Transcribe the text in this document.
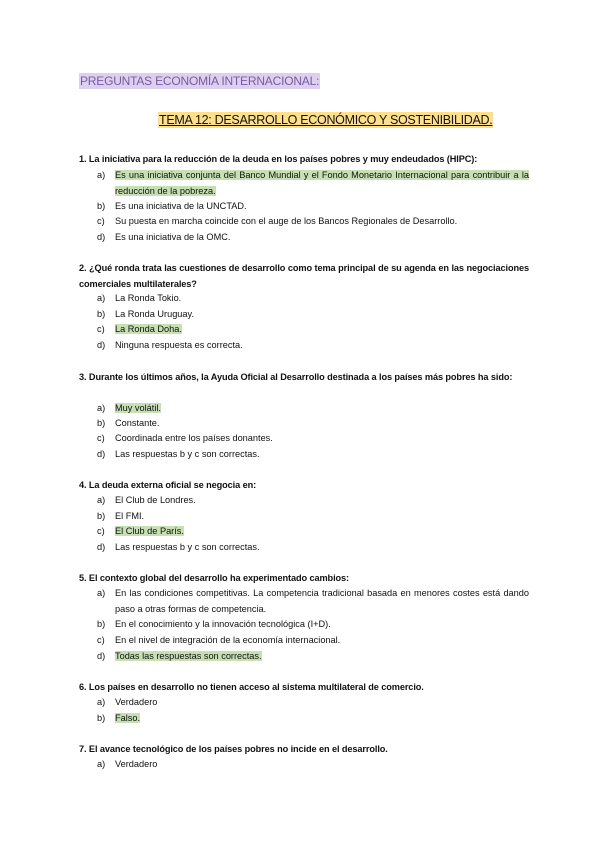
PREGUNTAS ECONOMÍA INTERNACIONAL:
TEMA 12: DESARROLLO ECONÓMICO Y SOSTENIBILIDAD.
1. La iniciativa para la reducción de la deuda en los países pobres y muy endeudados (HIPC):
a) Es una iniciativa conjunta del Banco Mundial y el Fondo Monetario Internacional para contribuir a la reducción de la pobreza.
b) Es una iniciativa de la UNCTAD.
c) Su puesta en marcha coincide con el auge de los Bancos Regionales de Desarrollo.
d) Es una iniciativa de la OMC.
2. ¿Qué ronda trata las cuestiones de desarrollo como tema principal de su agenda en las negociaciones comerciales multilaterales?
a) La Ronda Tokio.
b) La Ronda Uruguay.
c) La Ronda Doha.
d) Ninguna respuesta es correcta.
3. Durante los últimos años, la Ayuda Oficial al Desarrollo destinada a los países más pobres ha sido:
a) Muy volátil.
b) Constante.
c) Coordinada entre los países donantes.
d) Las respuestas b y c son correctas.
4. La deuda externa oficial se negocia en:
a) El Club de Londres.
b) El FMI.
c) El Club de París.
d) Las respuestas b y c son correctas.
5. El contexto global del desarrollo ha experimentado cambios:
a) En las condiciones competitivas. La competencia tradicional basada en menores costes está dando paso a otras formas de competencia.
b) En el conocimiento y la innovación tecnológica (I+D).
c) En el nivel de integración de la economía internacional.
d) Todas las respuestas son correctas.
6. Los países en desarrollo no tienen acceso al sistema multilateral de comercio.
a) Verdadero
b) Falso.
7. El avance tecnológico de los países pobres no incide en el desarrollo.
a) Verdadero
